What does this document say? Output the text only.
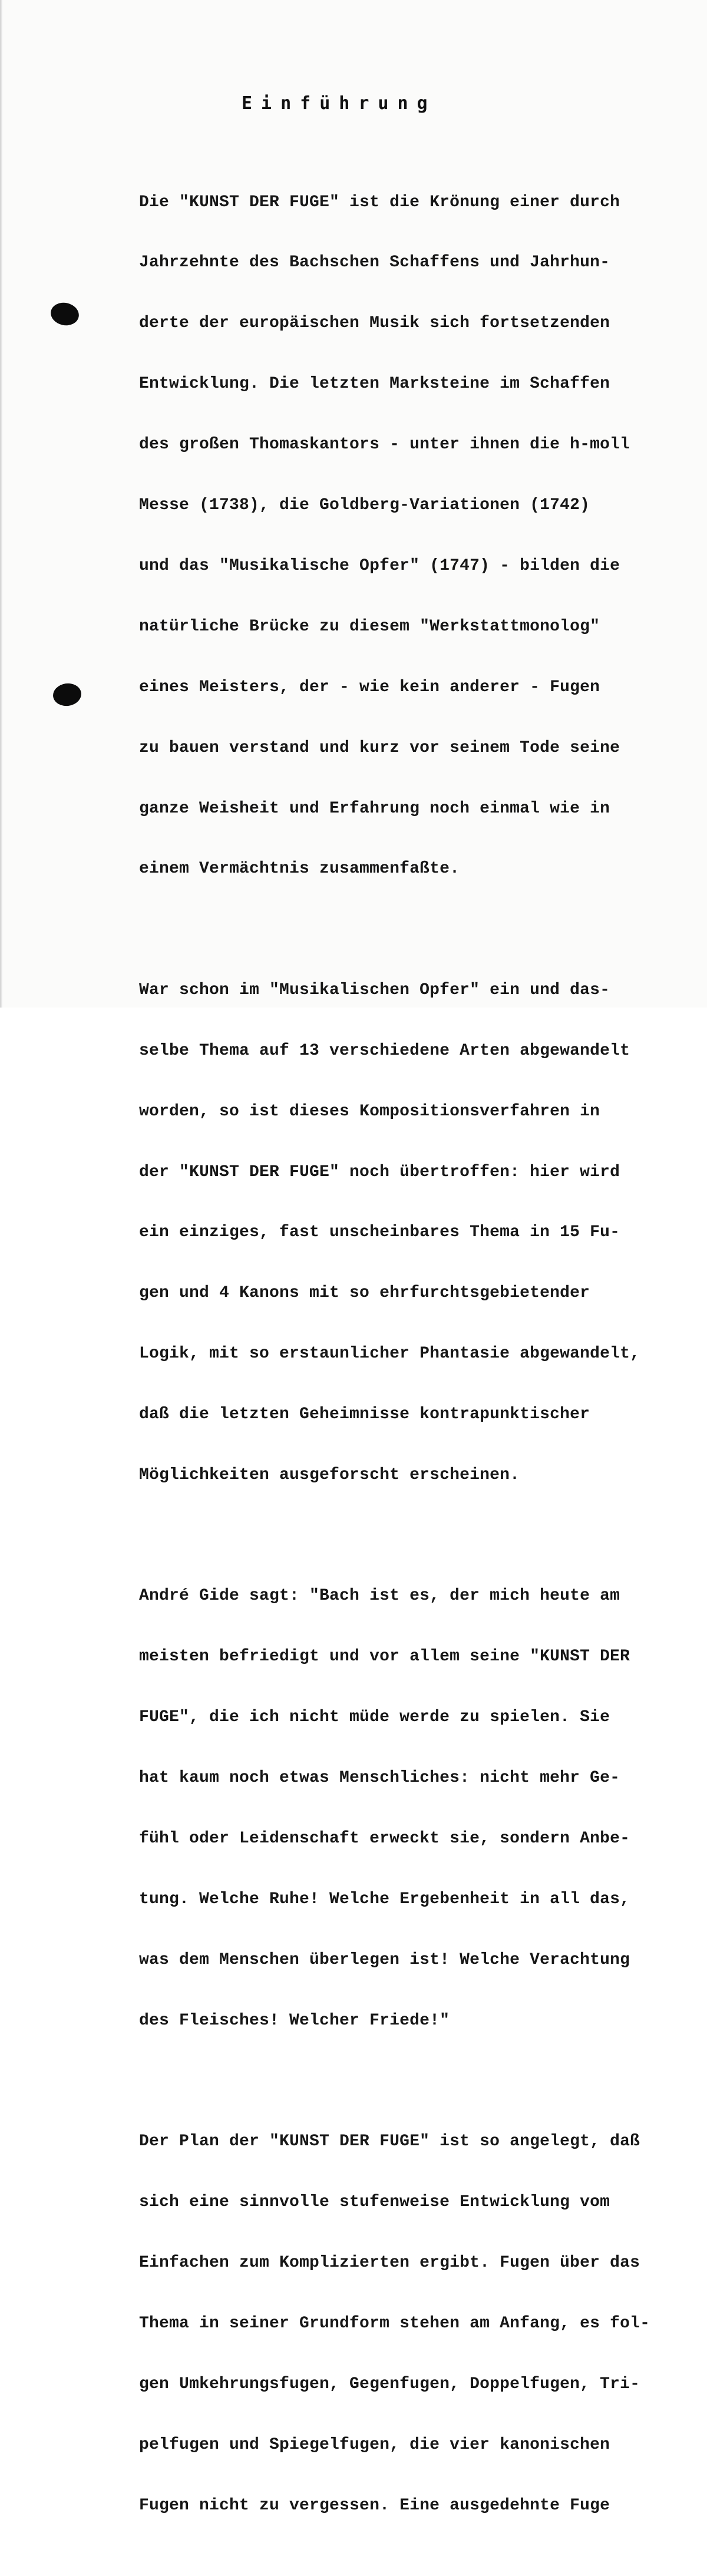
Einführung

Die "KUNST DER FUGE" ist die Krönung einer durch

Jahrzehnte des Bachschen Schaffens und Jahrhun-

derte der europäischen Musik sich fortsetzenden

Entwicklung. Die letzten Marksteine im Schaffen

des großen Thomaskantors - unter ihnen die h-moll

Messe (1738), die Goldberg-Variationen (1742)

und das "Musikalische Opfer" (1747) - bilden die

natürliche Brücke zu diesem "Werkstattmonolog"

eines Meisters, der - wie kein anderer - Fugen

zu bauen verstand und kurz vor seinem Tode seine

ganze Weisheit und Erfahrung noch einmal wie in

einem Vermächtnis zusammenfaßte.

War schon im "Musikalischen Opfer" ein und das-

selbe Thema auf 13 verschiedene Arten abgewandelt

worden, so ist dieses Kompositionsverfahren in

der "KUNST DER FUGE" noch übertroffen: hier wird

ein einziges, fast unscheinbares Thema in 15 Fu-

gen und 4 Kanons mit so ehrfurchtsgebietender

Logik, mit so erstaunlicher Phantasie abgewandelt,

daß die letzten Geheimnisse kontrapunktischer

Möglichkeiten ausgeforscht erscheinen.

André Gide sagt: "Bach ist es, der mich heute am

meisten befriedigt und vor allem seine "KUNST DER

FUGE", die ich nicht müde werde zu spielen. Sie

hat kaum noch etwas Menschliches: nicht mehr Ge-

fühl oder Leidenschaft erweckt sie, sondern Anbe-

tung. Welche Ruhe! Welche Ergebenheit in all das,

was dem Menschen überlegen ist! Welche Verachtung

des Fleisches! Welcher Friede!"

Der Plan der "KUNST DER FUGE" ist so angelegt, daß

sich eine sinnvolle stufenweise Entwicklung vom

Einfachen zum Komplizierten ergibt. Fugen über das

Thema in seiner Grundform stehen am Anfang, es fol-

gen Umkehrungsfugen, Gegenfugen, Doppelfugen, Tri-

pelfugen und Spiegelfugen, die vier kanonischen

Fugen nicht zu vergessen. Eine ausgedehnte Fuge
